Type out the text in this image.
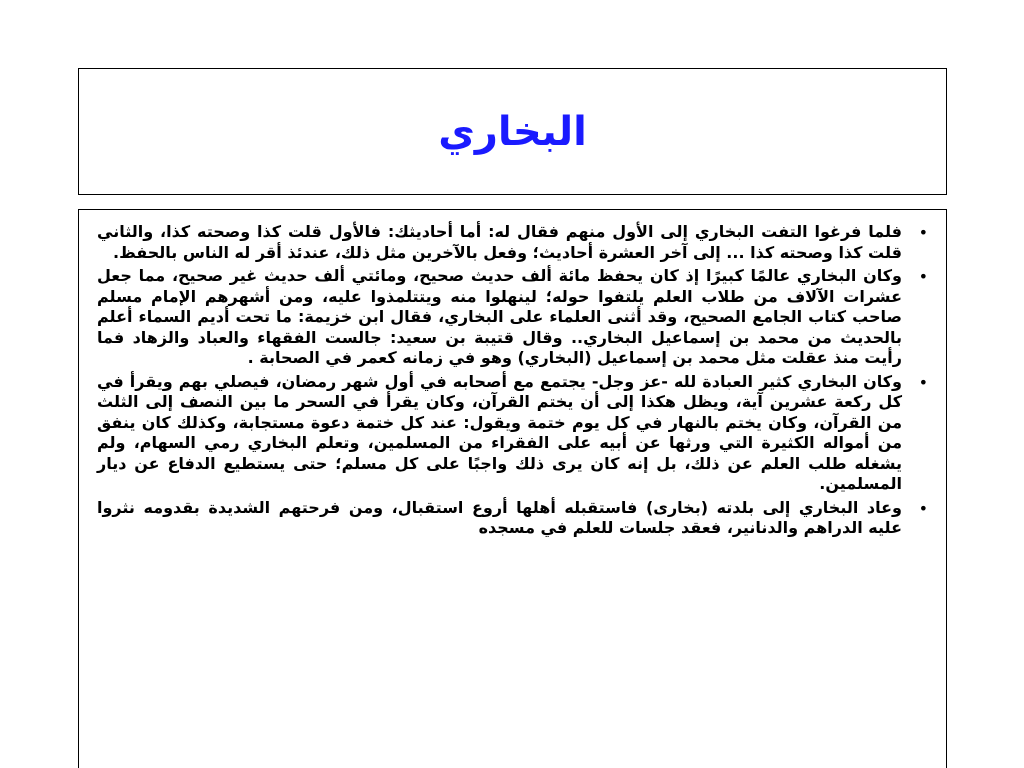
البخاري
•

فلما فرغوا التفت البخاري إلى الأول منهم فقال له: أما أحاديثك: فالأول قلت كذا وصحته كذا، والثاني قلت كذا وصحته كذا ... إلى آخر العشرة أحاديث؛ وفعل بالآخرين مثل ذلك، عندئذ أقر له الناس بالحفظ.

•

وكان البخاري عالمًا كبيرًا إذ كان يحفظ مائة ألف حديث صحيح، ومائتي ألف حديث غير صحيح، مما جعل عشرات الآلاف من طلاب العلم يلتفوا حوله؛ لينهلوا منه ويتتلمذوا عليه، ومن أشهرهم الإمام مسلم صاحب كتاب الجامع الصحيح، وقد أثنى العلماء على البخاري، فقال ابن خزيمة: ما تحت أديم السماء أعلم بالحديث من محمد بن إسماعيل البخاري.. وقال قتيبة بن سعيد: جالست الفقهاء والعباد والزهاد فما رأيت منذ عقلت مثل محمد بن إسماعيل (البخاري) وهو في زمانه كعمر في الصحابة .

•

وكان البخاري كثير العبادة لله -عز وجل- يجتمع مع أصحابه في أول شهر رمضان، فيصلي بهم ويقرأ في كل ركعة عشرين آية، ويظل هكذا إلى أن يختم القرآن، وكان يقرأ في السحر ما بين النصف إلى الثلث من القرآن، وكان يختم بالنهار في كل يوم ختمة ويقول: عند كل ختمة دعوة مستجابة، وكذلك كان ينفق من أمواله الكثيرة التي ورثها عن أبيه على الفقراء من المسلمين، وتعلم البخاري رمي السهام، ولم يشغله طلب العلم عن ذلك، بل إنه كان يرى ذلك واجبًا على كل مسلم؛ حتى يستطيع الدفاع عن ديار المسلمين.

•

وعاد البخاري إلى بلدته (بخارى) فاستقبله أهلها أروع استقبال، ومن فرحتهم الشديدة بقدومه نثروا عليه الدراهم والدنانير، فعقد جلسات للعلم في مسجده
